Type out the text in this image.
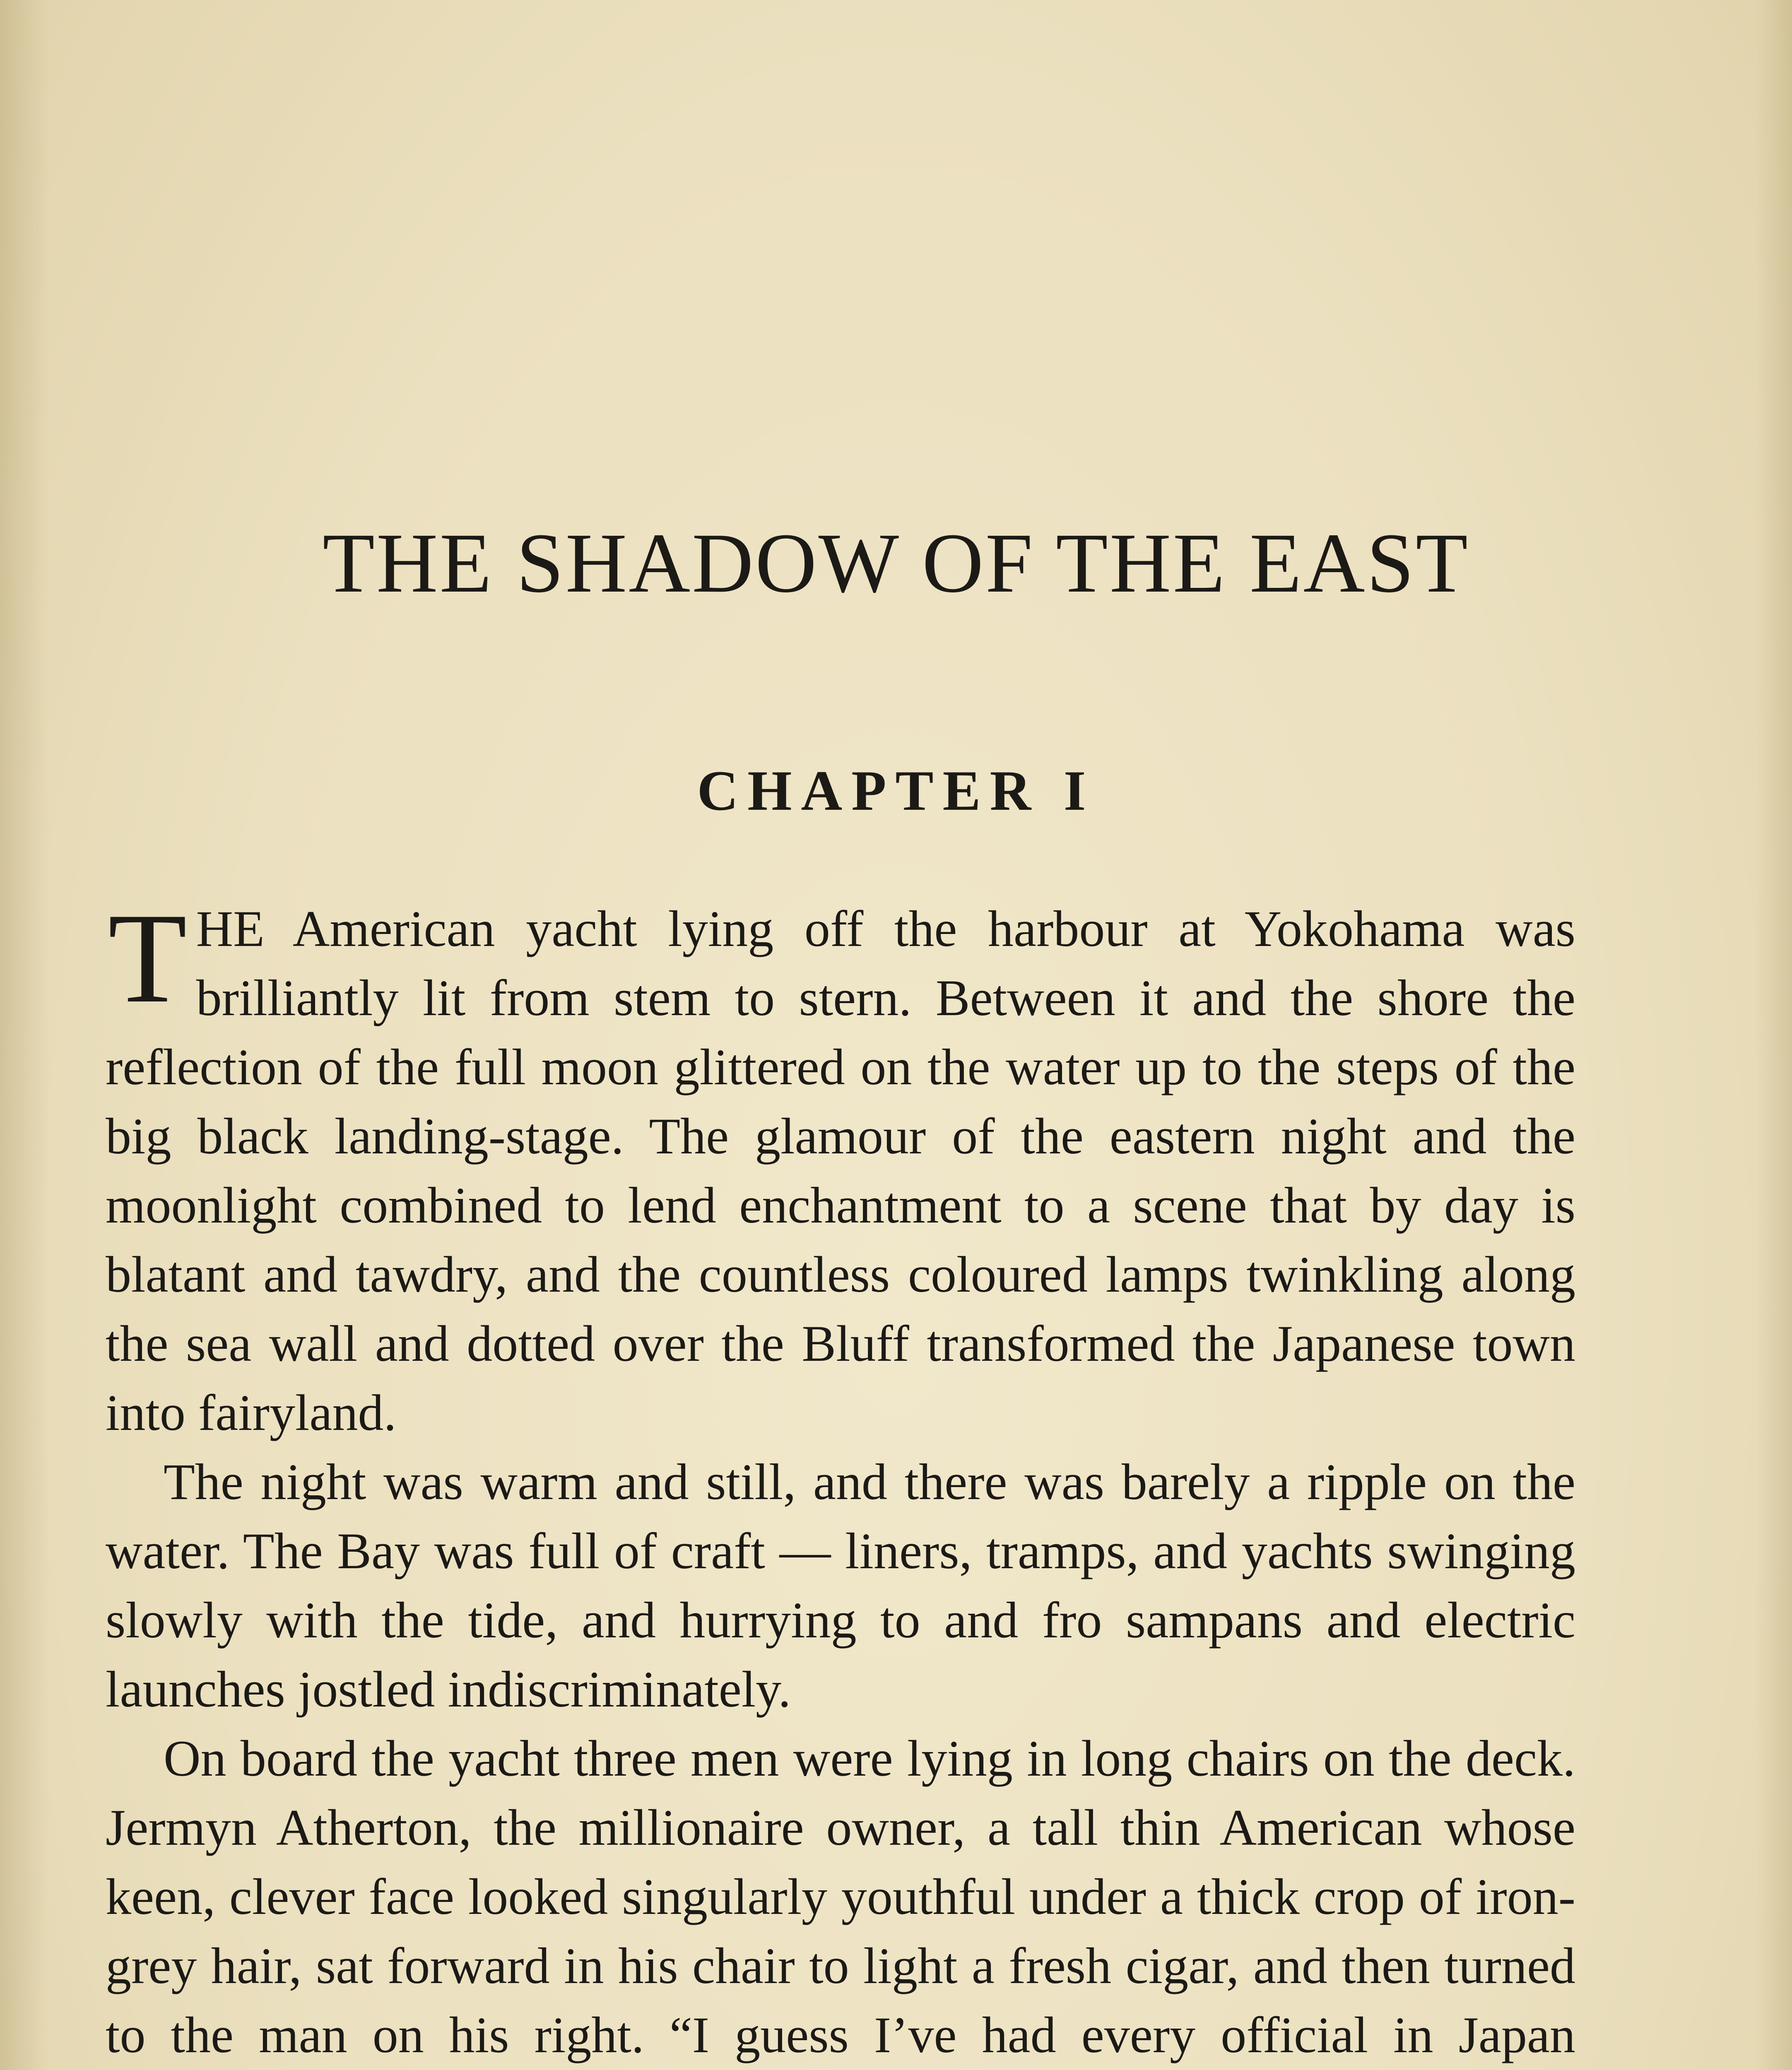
THE SHADOW OF THE EAST
CHAPTER I

THE American yacht lying off the harbour at Yokohama was brilliantly lit from stem to stern. Between it and the shore the reflection of the full moon glittered on the water up to the steps of the big black landing-stage. The glamour of the eastern night and the moonlight combined to lend enchantment to a scene that by day is blatant and tawdry, and the countless coloured lamps twinkling along the sea wall and dotted over the Bluff transformed the Japanese town into fairyland.

The night was warm and still, and there was barely a ripple on the water. The Bay was full of craft — liners, tramps, and yachts swinging slowly with the tide, and hurrying to and fro sampans and electric launches jostled indiscriminately.

On board the yacht three men were lying in long chairs on the deck. Jermyn Atherton, the millionaire owner, a tall thin American whose keen, clever face looked singularly youthful under a thick crop of iron-grey hair, sat forward in his chair to light a fresh cigar, and then turned to the man on his right. “I guess I’ve had every official in Japan
